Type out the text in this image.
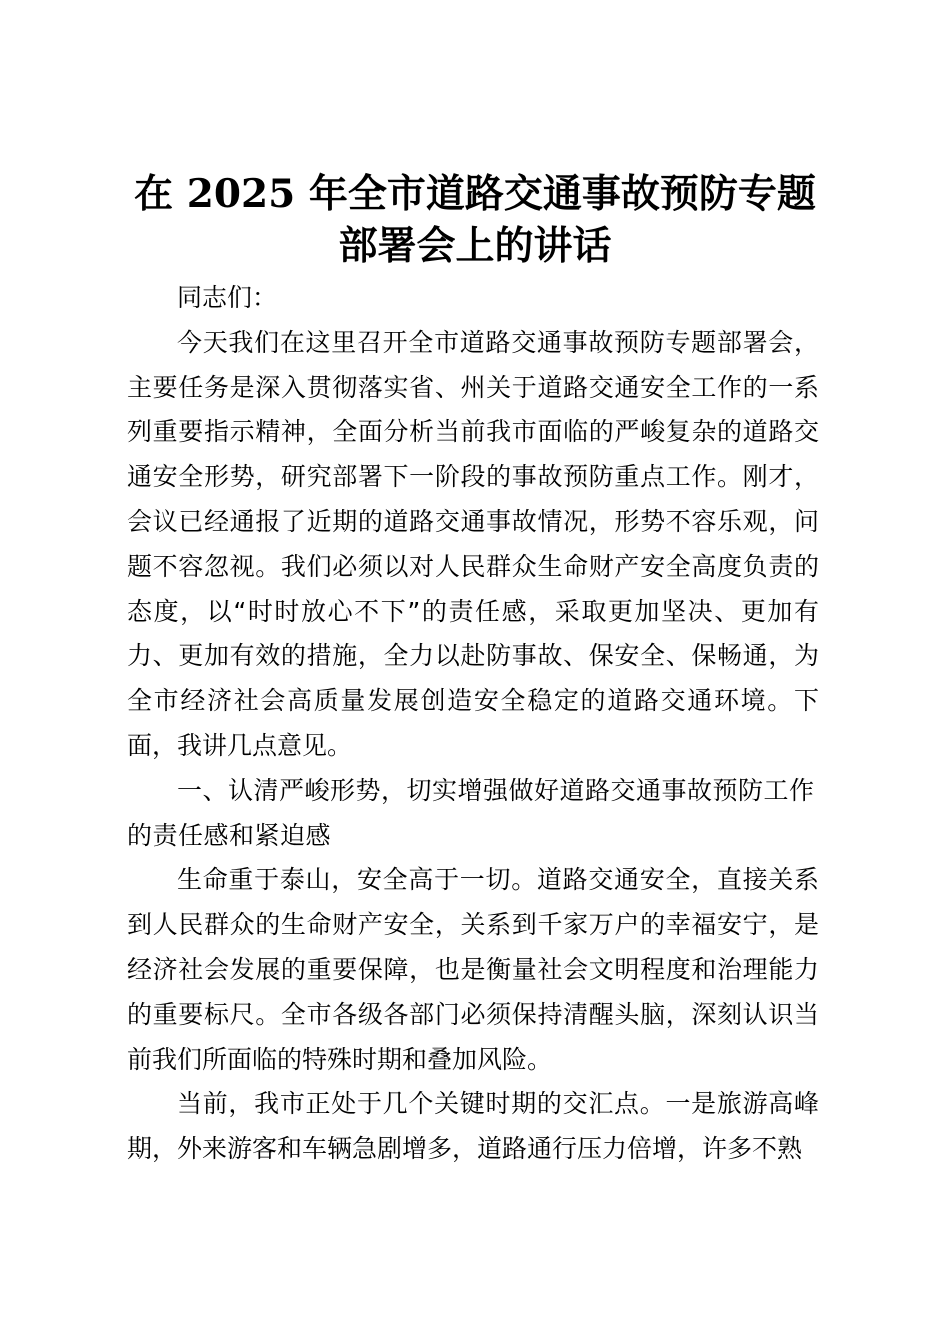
在 2025 年全市道路交通事故预防专题
部署会上的讲话

同志们：

今天我们在这里召开全市道路交通事故预防专题部署会，主要任务是深入贯彻落实省、州关于道路交通安全工作的一系列重要指示精神，全面分析当前我市面临的严峻复杂的道路交通安全形势，研究部署下一阶段的事故预防重点工作。刚才，会议已经通报了近期的道路交通事故情况，形势不容乐观，问题不容忽视。我们必须以对人民群众生命财产安全高度负责的态度，以“时时放心不下”的责任感，采取更加坚决、更加有力、更加有效的措施，全力以赴防事故、保安全、保畅通，为全市经济社会高质量发展创造安全稳定的道路交通环境。下面，我讲几点意见。

一、认清严峻形势，切实增强做好道路交通事故预防工作的责任感和紧迫感

生命重于泰山，安全高于一切。道路交通安全，直接关系到人民群众的生命财产安全，关系到千家万户的幸福安宁，是经济社会发展的重要保障，也是衡量社会文明程度和治理能力的重要标尺。全市各级各部门必须保持清醒头脑，深刻认识当前我们所面临的特殊时期和叠加风险。

当前，我市正处于几个关键时期的交汇点。一是旅游高峰期，外来游客和车辆急剧增多，道路通行压力倍增，许多不熟
